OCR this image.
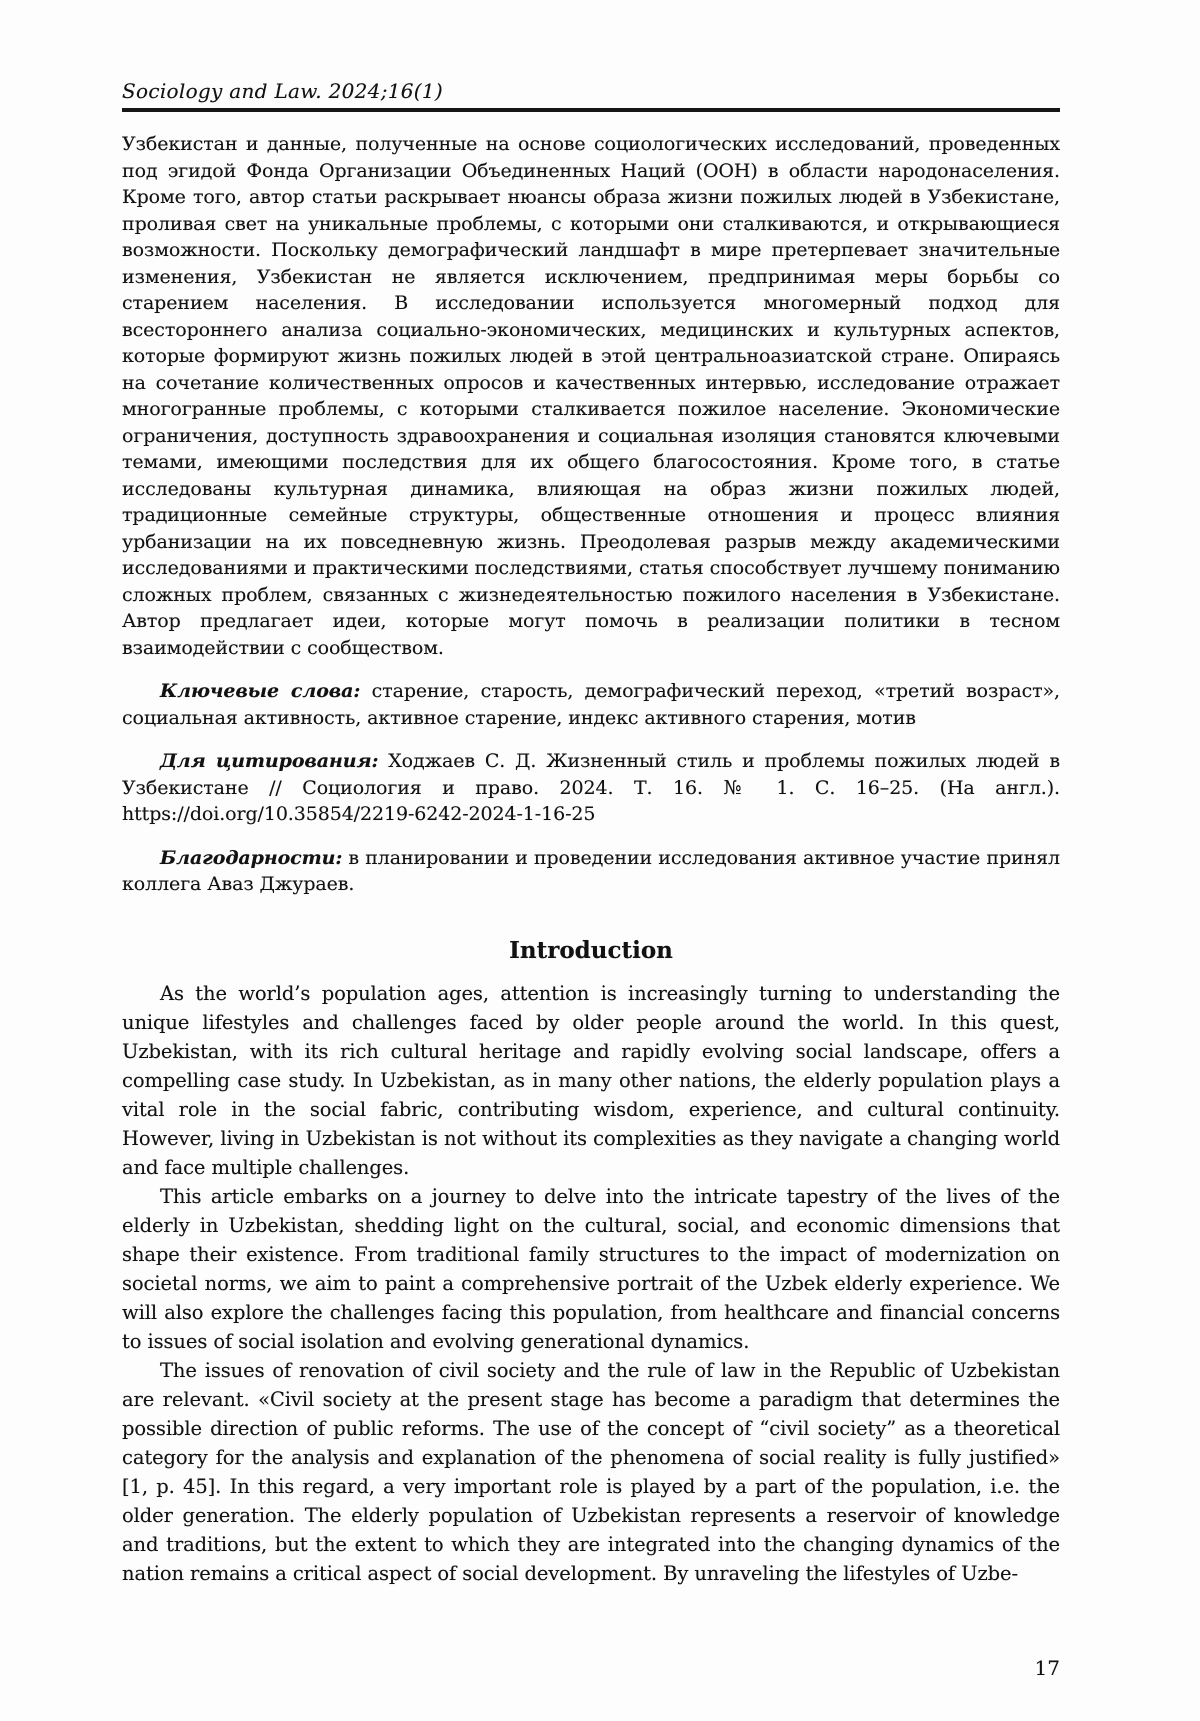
Sociology and Law. 2024;16(1)

Узбекистан и данные, полученные на основе социологических исследований, проведенных под эгидой Фонда Организации Объединенных Наций (ООН) в области народонаселения. Кроме того, автор статьи раскрывает нюансы образа жизни пожилых людей в Узбекистане, проливая свет на уникальные проблемы, с которыми они сталкиваются, и открывающиеся возможности. Поскольку демографический ландшафт в мире претерпевает значительные изменения, Узбекистан не является исключением, предпринимая меры борьбы со старением населения. В исследовании используется многомерный подход для всестороннего анализа социально-экономических, медицинских и культурных аспектов, которые формируют жизнь пожилых людей в этой центральноазиатской стране. Опираясь на сочетание количественных опросов и качественных интервью, исследование отражает многогранные проблемы, с которыми сталкивается пожилое население. Экономические ограничения, доступность здравоохранения и социальная изоляция становятся ключевыми темами, имеющими последствия для их общего благосостояния. Кроме того, в статье исследованы культурная динамика, влияющая на образ жизни пожилых людей, традиционные семейные структуры, общественные отношения и процесс влияния урбанизации на их повседневную жизнь. Преодолевая разрыв между академическими исследованиями и практическими последствиями, статья способствует лучшему пониманию сложных проблем, связанных с жизнедеятельностью пожилого населения в Узбекистане. Автор предлагает идеи, которые могут помочь в реализации политики в тесном взаимодействии с сообществом.

Ключевые слова: старение, старость, демографический переход, «третий возраст», социальная активность, активное старение, индекс активного старения, мотив

Для цитирования: Ходжаев С. Д. Жизненный стиль и проблемы пожилых людей в Узбекистане // Социология и право. 2024. Т. 16. № 1. С. 16–25. (На англ.). https://doi.org/10.35854/2219-6242-2024-1-16-25

Благодарности: в планировании и проведении исследования активное участие принял коллега Аваз Джураев.

Introduction

As the world’s population ages, attention is increasingly turning to understanding the unique lifestyles and challenges faced by older people around the world. In this quest, Uzbekistan, with its rich cultural heritage and rapidly evolving social landscape, offers a compelling case study. In Uzbekistan, as in many other nations, the elderly population plays a vital role in the social fabric, contributing wisdom, experience, and cultural continuity. However, living in Uzbekistan is not without its complexities as they navigate a changing world and face multiple challenges.

This article embarks on a journey to delve into the intricate tapestry of the lives of the elderly in Uzbekistan, shedding light on the cultural, social, and economic dimensions that shape their existence. From traditional family structures to the impact of modernization on societal norms, we aim to paint a comprehensive portrait of the Uzbek elderly experience. We will also explore the challenges facing this population, from healthcare and financial concerns to issues of social isolation and evolving generational dynamics.

The issues of renovation of civil society and the rule of law in the Republic of Uzbekistan are relevant. «Civil society at the present stage has become a paradigm that determines the possible direction of public reforms. The use of the concept of “civil society” as a theoretical category for the analysis and explanation of the phenomena of social reality is fully justified» [1, p. 45]. In this regard, a very important role is played by a part of the population, i.e. the older generation. The elderly population of Uzbekistan represents a reservoir of knowledge and traditions, but the extent to which they are integrated into the changing dynamics of the nation remains a critical aspect of social development. By unraveling the lifestyles of Uzbe-

17
